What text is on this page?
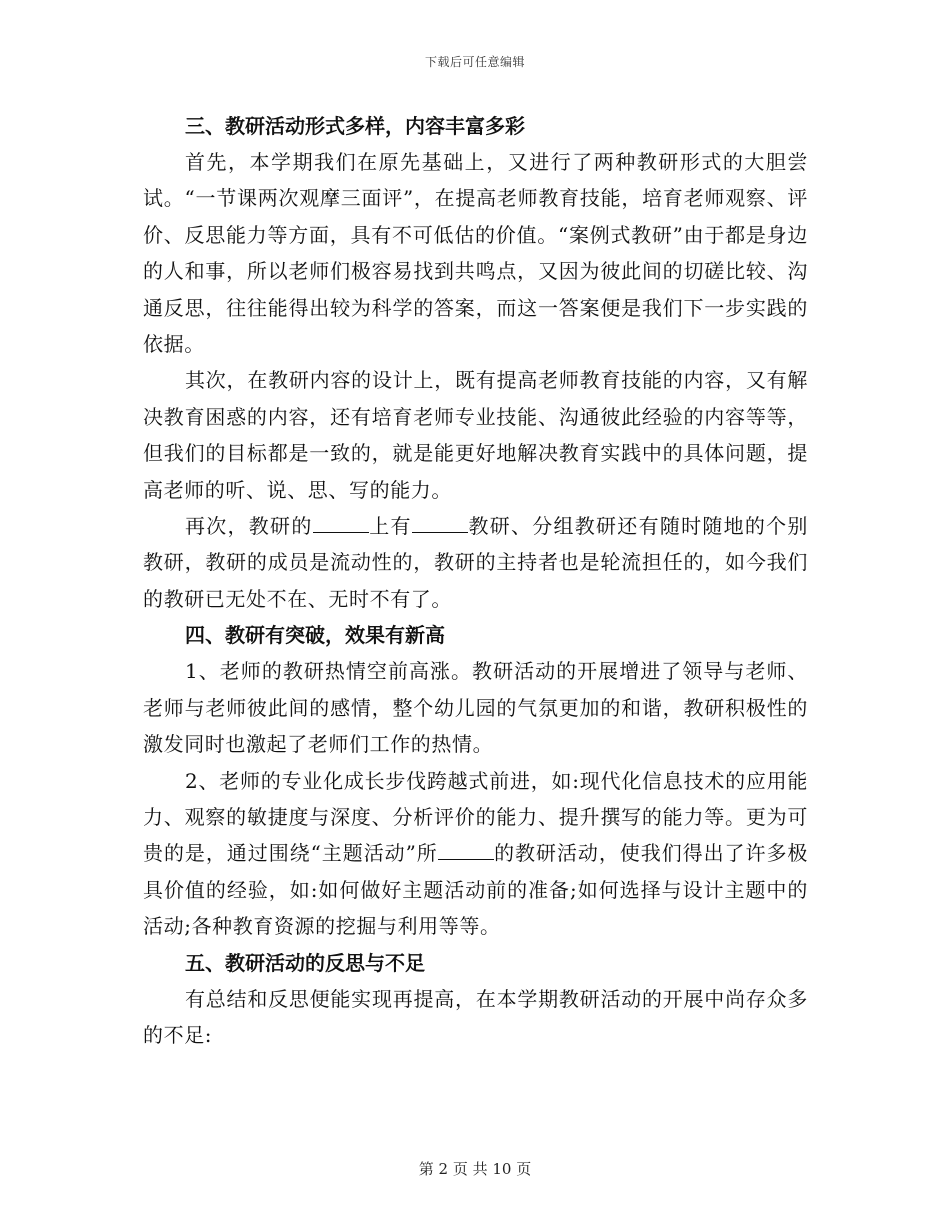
下载后可任意编辑
三、教研活动形式多样，内容丰富多彩

首先，本学期我们在原先基础上，又进行了两种教研形式的大胆尝试。“一节课两次观摩三面评”，在提高老师教育技能，培育老师观察、评价、反思能力等方面，具有不可低估的价值。“案例式教研”由于都是身边的人和事，所以老师们极容易找到共鸣点，又因为彼此间的切磋比较、沟通反思，往往能得出较为科学的答案，而这一答案便是我们下一步实践的依据。

其次，在教研内容的设计上，既有提高老师教育技能的内容，又有解决教育困惑的内容，还有培育老师专业技能、沟通彼此经验的内容等等，但我们的目标都是一致的，就是能更好地解决教育实践中的具体问题，提高老师的听、说、思、写的能力。

再次，教研的	上有	教研、分组教研还有随时随地的个别教研，教研的成员是流动性的，教研的主持者也是轮流担任的，如今我们的教研已无处不在、无时不有了。

四、教研有突破，效果有新高

1、老师的教研热情空前高涨。教研活动的开展增进了领导与老师、老师与老师彼此间的感情，整个幼儿园的气氛更加的和谐，教研积极性的激发同时也激起了老师们工作的热情。

2、老师的专业化成长步伐跨越式前进，如:现代化信息技术的应用能力、观察的敏捷度与深度、分析评价的能力、提升撰写的能力等。更为可贵的是，通过围绕“主题活动”所	的教研活动，使我们得出了许多极具价值的经验，如:如何做好主题活动前的准备;如何选择与设计主题中的活动;各种教育资源的挖掘与利用等等。

五、教研活动的反思与不足

有总结和反思便能实现再提高，在本学期教研活动的开展中尚存众多的不足:

第 2 页 共 10 页
